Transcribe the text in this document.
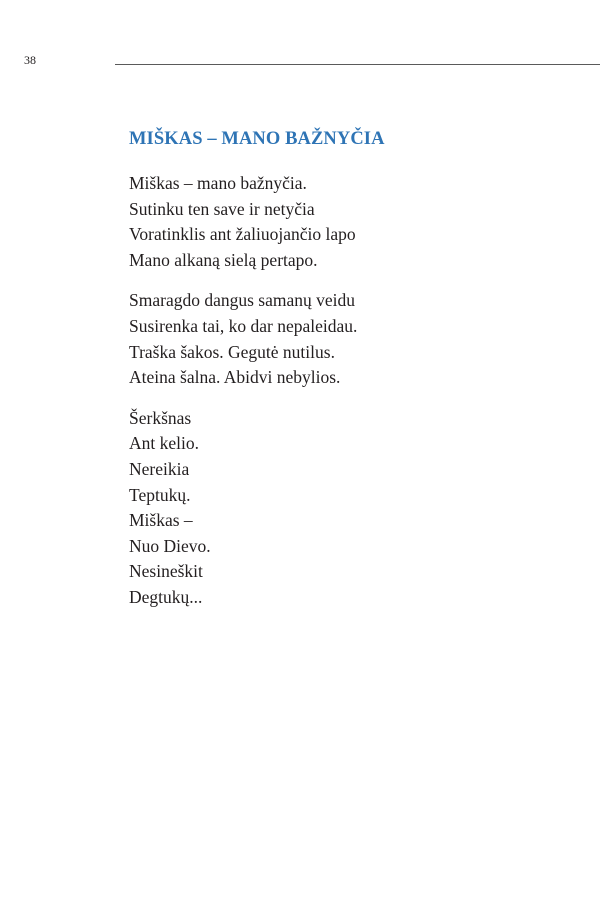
38
MIŠKAS – MANO BAŽNYČIA
Miškas – mano bažnyčia.
Sutinku ten save ir netyčia
Voratinklis ant žaliuojančio lapo
Mano alkaną sielą pertapo.
Smaragdo dangus samanų veidu
Susirenka tai, ko dar nepaleidau.
Traška šakos. Gegutė nutilus.
Ateina šalna. Abidvi nebylios.
Šerkšnas
Ant kelio.
Nereikia
Teptukų.
Miškas –
Nuo Dievo.
Nesineškit
Degtukų...
